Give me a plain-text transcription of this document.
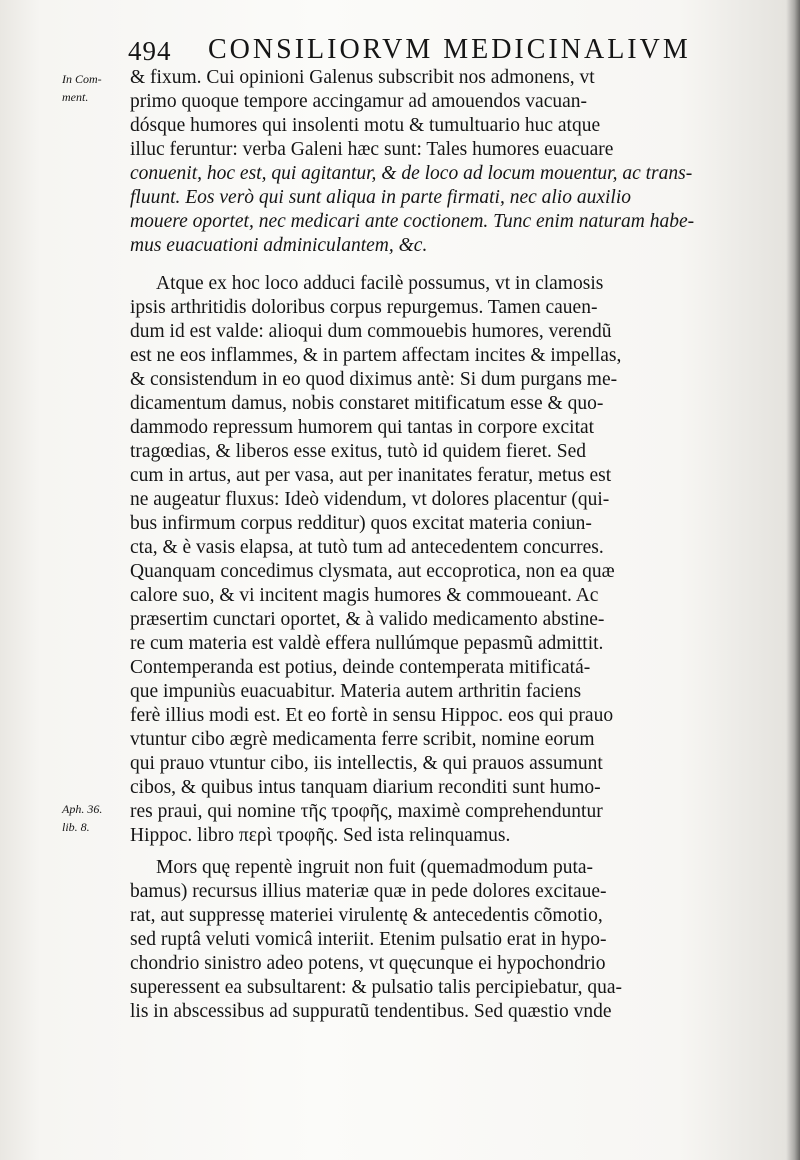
494 CONSILIORVM MEDICINALIVM
In Com-
ment.
Aph. 36.
lib. 8.
& fixum. Cui opinioni Galenus subscribit nos admonens, vt
primo quoque tempore accingamur ad amouendos vacuan-
dósque humores qui insolenti motu & tumultuario huc atque
illuc feruntur: verba Galeni hæc sunt: Tales humores euacuare
conuenit, hoc est, qui agitantur, & de loco ad locum mouentur, ac trans-
fluunt. Eos verò qui sunt aliqua in parte firmati, nec alio auxilio
mouere oportet, nec medicari ante coctionem. Tunc enim naturam habe-
mus euacuationi adminiculantem, &c.
Atque ex hoc loco adduci facilè possumus, vt in clamosis
ipsis arthritidis doloribus corpus repurgemus. Tamen cauen-
dum id est valde: alioqui dum commouebis humores, verendũ
est ne eos inflammes, & in partem affectam incites & impellas,
& consistendum in eo quod diximus antè: Si dum purgans me-
dicamentum damus, nobis constaret mitificatum esse & quo-
dammodo repressum humorem qui tantas in corpore excitat
tragœdias, & liberos esse exitus, tutò id quidem fieret. Sed
cum in artus, aut per vasa, aut per inanitates feratur, metus est
ne augeatur fluxus: Ideò videndum, vt dolores placentur (qui-
bus infirmum corpus redditur) quos excitat materia coniun-
cta, & è vasis elapsa, at tutò tum ad antecedentem concurres.
Quanquam concedimus clysmata, aut eccoprotica, non ea quæ
calore suo, & vi incitent magis humores & commoueant. Ac
præsertim cunctari oportet, & à valido medicamento abstine-
re cum materia est valdè effera nullúmque pepasmũ admittit.
Contemperanda est potius, deinde contemperata mitificatá-
que impuniùs euacuabitur. Materia autem arthritin faciens
ferè illius modi est. Et eo fortè in sensu Hippoc. eos qui prauo
vtuntur cibo ægrè medicamenta ferre scribit, nomine eorum
qui prauo vtuntur cibo, iis intellectis, & qui prauos assumunt
cibos, & quibus intus tanquam diarium reconditi sunt humo-
res praui, qui nomine τῆς τροφῆς, maximè comprehenduntur
Hippoc. libro περὶ τροφῆς. Sed ista relinquamus.
Mors quę repentè ingruit non fuit (quemadmodum puta-
bamus) recursus illius materiæ quæ in pede dolores excitaue-
rat, aut suppressę materiei virulentę & antecedentis cõmotio,
sed ruptâ veluti vomicâ interiit. Etenim pulsatio erat in hypo-
chondrio sinistro adeo potens, vt quęcunque ei hypochondrio
superessent ea subsultarent: & pulsatio talis percipiebatur, qua-
lis in abscessibus ad suppuratũ tendentibus. Sed quæstio vnde
